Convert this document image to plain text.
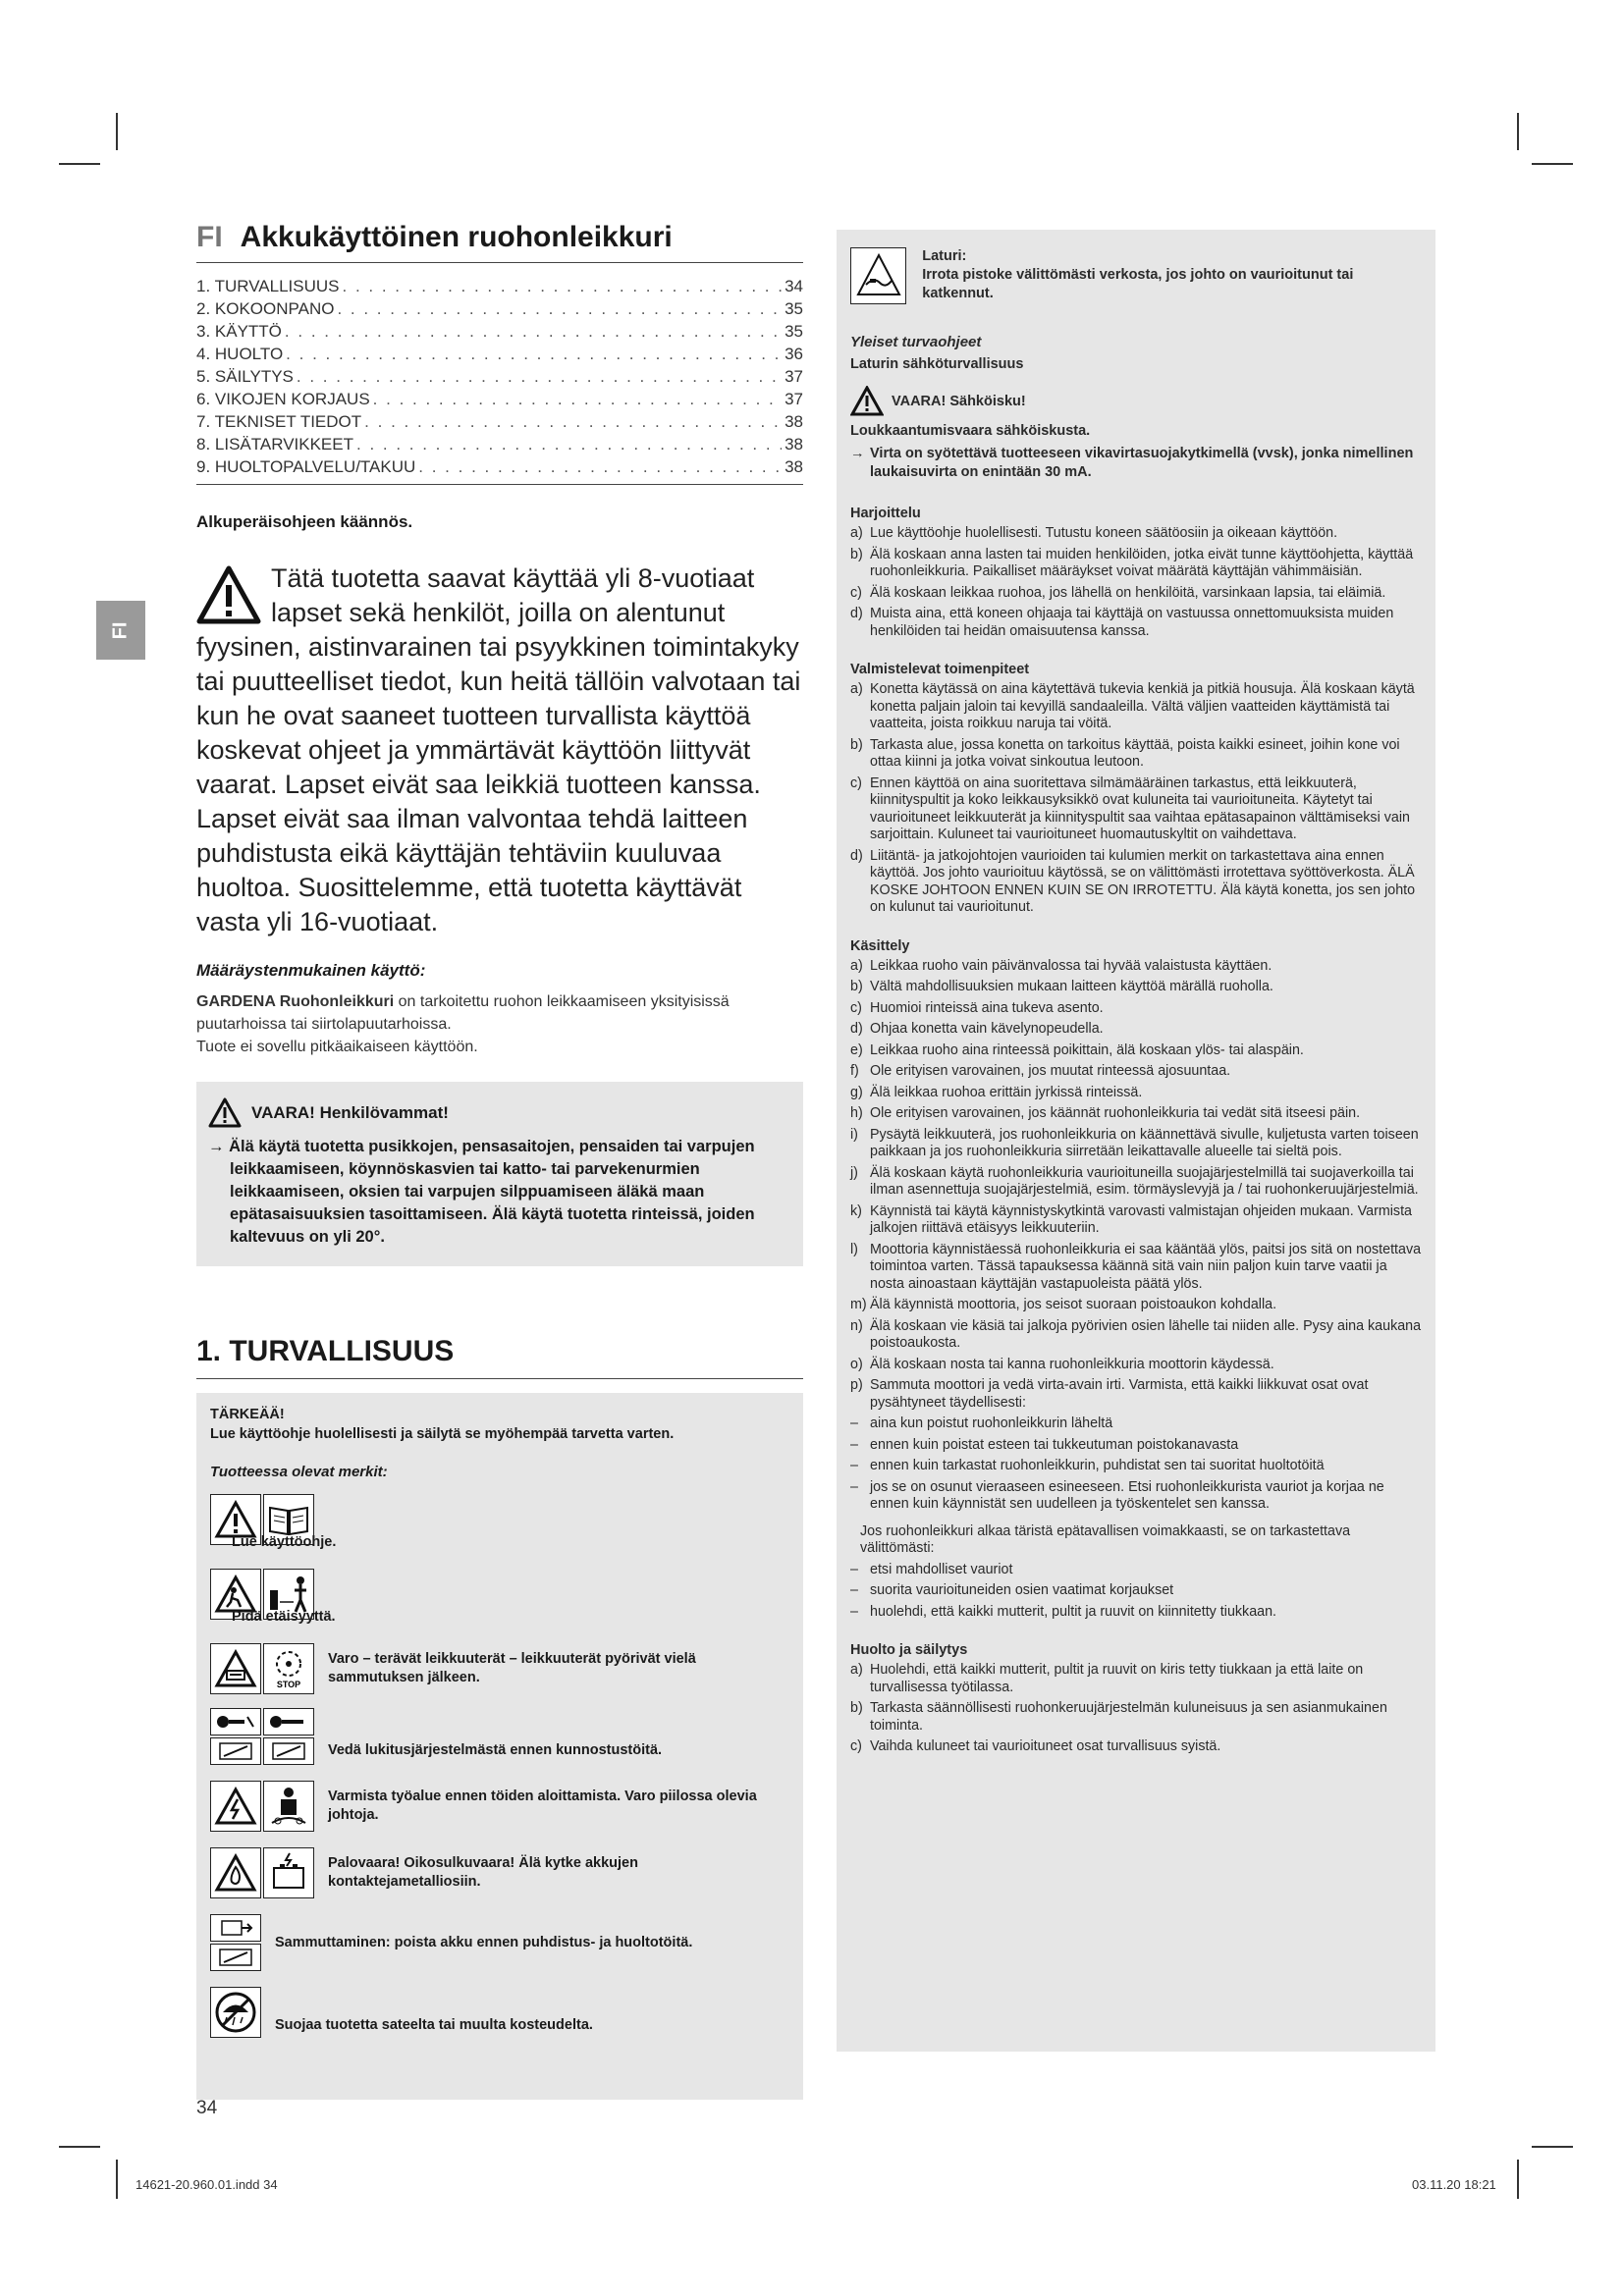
FI
FI Akkukäyttöinen ruohonleikkuri
1. TURVALLISUUS . . .	34
2. KOKOONPANO . . .	35
3. KÄYTTÖ . . .	35
4. HUOLTO . . .	36
5. SÄILYTYS . . .	37
6. VIKOJEN KORJAUS . . .	37
7. TEKNISET TIEDOT . . .	38
8. LISÄTARVIKKEET . . .	38
9. HUOLTOPALVELU/TAKUU . . .	38
Alkuperäisohjeen käännös.
Tätä tuotetta saavat käyttää yli 8-vuotiaat lapset sekä henkilöt, joilla on alentunut fyysinen, aistinvarainen tai psyykkinen toimintakyky tai puutteelliset tiedot, kun heitä tällöin valvotaan tai kun he ovat saaneet tuotteen turvallista käyttöä koskevat ohjeet ja ymmärtävät käyttöön liittyvät vaarat. Lapset eivät saa leikkiä tuotteen kanssa. Lapset eivät saa ilman valvontaa tehdä laitteen puhdistusta eikä käyttäjän tehtäviin kuuluvaa huoltoa. Suosittelemme, että tuotetta käyttävät vasta yli 16-vuotiaat.
Määräystenmukainen käyttö:
GARDENA Ruohonleikkuri on tarkoitettu ruohon leikkaamiseen yksityisissä puutarhoissa tai siirtolapuutarhoissa.
Tuote ei sovellu pitkäaikaiseen käyttöön.
VAARA! Henkilövammat!
→ Älä käytä tuotetta pusikkojen, pensasaitojen, pensaiden tai varpujen leikkaamiseen, köynnöskasvien tai katto- tai parvekenurmien leikkaamiseen, oksien tai varpujen silppuamiseen äläkä maan epätasaisuuksien tasoittamiseen. Älä käytä tuotetta rinteissä, joiden kaltevuus on yli 20°.
1. TURVALLISUUS
TÄRKEÄÄ!
Lue käyttöohje huolellisesti ja säilytä se myöhempää tarvetta varten.
Tuotteessa olevat merkit:
Lue käyttöohje.
Pidä etäisyyttä.
STOP
Varo – terävät leikkuuterät – leikkuuterät pyörivät vielä sammutuksen jälkeen.
Vedä lukitusjärjestelmästä ennen kunnostustöitä.
Varmista työalue ennen töiden aloittamista. Varo piilossa olevia johtoja.
Palovaara! Oikosulkuvaara! Älä kytke akkujen kontaktejametalliosiin.
Sammuttaminen: poista akku ennen puhdistus- ja huoltotöitä.
Suojaa tuotetta sateelta tai muulta kosteudelta.
Laturi:
Irrota pistoke välittömästi verkosta, jos johto on vaurioitunut tai katkennut.
Yleiset turvaohjeet
Laturin sähköturvallisuus
VAARA! Sähköisku!
Loukkaantumisvaara sähköiskusta.
→ Virta on syötettävä tuotteeseen vikavirtasuojakytkimellä (vvsk), jonka nimellinen laukaisuvirta on enintään 30 mA.
Harjoittelu
a) Lue käyttöohje huolellisesti. Tutustu koneen säätöosiin ja oikeaan käyttöön.
b) Älä koskaan anna lasten tai muiden henkilöiden, jotka eivät tunne käyttöohjetta, käyttää ruohonleikkuria. Paikalliset määräykset voivat määrätä käyttäjän vähimmäisiän.
c) Älä koskaan leikkaa ruohoa, jos lähellä on henkilöitä, varsinkaan lapsia, tai eläimiä.
d) Muista aina, että koneen ohjaaja tai käyttäjä on vastuussa onnettomuuksista muiden henkilöiden tai heidän omaisuutensa kanssa.
Valmistelevat toimenpiteet
a) Konetta käytässä on aina käytettävä tukevia kenkiä ja pitkiä housuja. Älä koskaan käytä konetta paljain jaloin tai kevyillä sandaaleilla. Vältä väljien vaatteiden käyttämistä tai vaatteita, joista roikkuu naruja tai vöitä.
b) Tarkasta alue, jossa konetta on tarkoitus käyttää, poista kaikki esineet, joihin kone voi ottaa kiinni ja jotka voivat sinkoutua leutoon.
c) Ennen käyttöä on aina suoritettava silmämääräinen tarkastus, että leikkuuterä, kiinnityspultit ja koko leikkausyksikkö ovat kuluneita tai vaurioituneita. Käytetyt tai vaurioituneet leikkuuterät ja kiinnityspultit saa vaihtaa epätasapainon välttämiseksi vain sarjoittain. Kuluneet tai vaurioituneet huomautuskyltit on vaihdettava.
d) Liitäntä- ja jatkojohtojen vaurioiden tai kulumien merkit on tarkastettava aina ennen käyttöä. Jos johto vaurioituu käytössä, se on välittömästi irrotettava syöttöverkosta. ÄLÄ KOSKE JOHTOON ENNEN KUIN SE ON IRROTETTU. Älä käytä konetta, jos sen johto on kulunut tai vaurioitunut.
Käsittely
a) Leikkaa ruoho vain päivänvalossa tai hyvää valaistusta käyttäen.
b) Vältä mahdollisuuksien mukaan laitteen käyttöä märällä ruoholla.
c) Huomioi rinteissä aina tukeva asento.
d) Ohjaa konetta vain kävelynopeudella.
e) Leikkaa ruoho aina rinteessä poikittain, älä koskaan ylös- tai alaspäin.
f) Ole erityisen varovainen, jos muutat rinteessä ajosuuntaa.
g) Älä leikkaa ruohoa erittäin jyrkissä rinteissä.
h) Ole erityisen varovainen, jos käännät ruohonleikkuria tai vedät sitä itseesi päin.
i) Pysäytä leikkuuterä, jos ruohonleikkuria on käännettävä sivulle, kuljetusta varten toiseen paikkaan ja jos ruohonleikkuria siirretään leikattavalle alueelle tai sieltä pois.
j) Älä koskaan käytä ruohonleikkuria vaurioituneilla suojajärjestelmillä tai suojaverkoilla tai ilman asennettuja suojajärjestelmiä, esim. törmäyslevyjä ja / tai ruohonkeruujärjestelmiä.
k) Käynnistä tai käytä käynnistyskytkintä varovasti valmistajan ohjeiden mukaan. Varmista jalkojen riittävä etäisyys leikkuuteriin.
l) Moottoria käynnistäessä ruohonleikkuria ei saa kääntää ylös, paitsi jos sitä on nostettava toimintoa varten. Tässä tapauksessa käännä sitä vain niin paljon kuin tarve vaatii ja nosta ainoastaan käyttäjän vastapuoleista päätä ylös.
m) Älä käynnistä moottoria, jos seisot suoraan poistoaukon kohdalla.
n) Älä koskaan vie käsiä tai jalkoja pyörivien osien lähelle tai niiden alle. Pysy aina kaukana poistoaukosta.
o) Älä koskaan nosta tai kanna ruohonleikkuria moottorin käydessä.
p) Sammuta moottori ja vedä virta-avain irti. Varmista, että kaikki liikkuvat osat ovat pysähtyneet täydellisesti:
– aina kun poistut ruohonleikkurin läheltä
– ennen kuin poistat esteen tai tukkeutuman poistokanavasta
– ennen kuin tarkastat ruohonleikkurin, puhdistat sen tai suoritat huoltotöitä
– jos se on osunut vieraaseen esineeseen. Etsi ruohonleikkurista vauriot ja korjaa ne ennen kuin käynnistät sen uudelleen ja työskentelet sen kanssa.
Jos ruohonleikkuri alkaa täristä epätavallisen voimakkaasti, se on tarkastettava välittömästi:
– etsi mahdolliset vauriot
– suorita vaurioituneiden osien vaatimat korjaukset
– huolehdi, että kaikki mutterit, pultit ja ruuvit on kiinnitetty tiukkaan.
Huolto ja säilytys
a) Huolehdi, että kaikki mutterit, pultit ja ruuvit on kiris tetty tiukkaan ja että laite on turvallisessa työtilassa.
b) Tarkasta säännöllisesti ruohonkeruujärjestelmän kuluneisuus ja sen asianmukainen toiminta.
c) Vaihda kuluneet tai vaurioituneet osat turvallisuus syistä.
34
14621-20.960.01.indd 34	03.11.20 18:21
